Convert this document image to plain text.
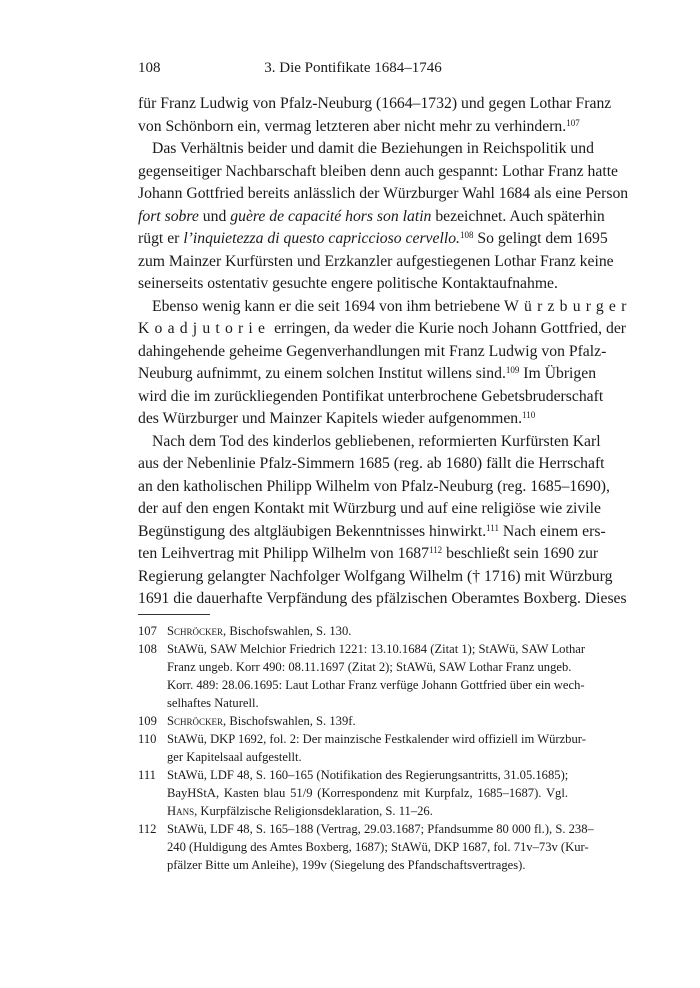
108	3. Die Pontifikate 1684–1746
für Franz Ludwig von Pfalz-Neuburg (1664–1732) und gegen Lothar Franz
von Schönborn ein, vermag letzteren aber nicht mehr zu verhindern.$^{107}$
Das Verhältnis beider und damit die Beziehungen in Reichspolitik und
gegenseitiger Nachbarschaft bleiben denn auch gespannt: Lothar Franz hatte
Johann Gottfried bereits anlässlich der Würzburger Wahl 1684 als eine Person
fort sobre und guère de capacité hors son latin bezeichnet. Auch späterhin
rügt er l’inquietezza di questo capriccioso cervello.$^{108}$ So gelingt dem 1695
zum Mainzer Kurfürsten und Erzkanzler aufgestiegenen Lothar Franz keine
seinerseits ostentativ gesuchte engere politische Kontaktaufnahme.
Ebenso wenig kann er die seit 1694 von ihm betriebene Würzburger
Koadjutorie erringen, da weder die Kurie noch Johann Gottfried, der
dahingehende geheime Gegenverhandlungen mit Franz Ludwig von Pfalz-
Neuburg aufnimmt, zu einem solchen Institut willens sind.$^{109}$ Im Übrigen
wird die im zurückliegenden Pontifikat unterbrochene Gebetsbruderschaft
des Würzburger und Mainzer Kapitels wieder aufgenommen.$^{110}$
Nach dem Tod des kinderlos gebliebenen, reformierten Kurfürsten Karl
aus der Nebenlinie Pfalz-Simmern 1685 (reg. ab 1680) fällt die Herrschaft
an den katholischen Philipp Wilhelm von Pfalz-Neuburg (reg. 1685–1690),
der auf den engen Kontakt mit Würzburg und auf eine religiöse wie zivile
Begünstigung des altgläubigen Bekenntnisses hinwirkt.$^{111}$ Nach einem ers-
ten Leihvertrag mit Philipp Wilhelm von 1687$^{112}$ beschließt sein 1690 zur
Regierung gelangter Nachfolger Wolfgang Wilhelm († 1716) mit Würzburg
1691 die dauerhafte Verpfändung des pfälzischen Oberamtes Boxberg. Dieses
107 Schröcker, Bischofswahlen, S. 130.
108 StAWü, SAW Melchior Friedrich 1221: 13.10.1684 (Zitat 1); StAWü, SAW Lothar
Franz ungeb. Korr 490: 08.11.1697 (Zitat 2); StAWü, SAW Lothar Franz ungeb.
Korr. 489: 28.06.1695: Laut Lothar Franz verfüge Johann Gottfried über ein wech-
selhaftes Naturell.
109 Schröcker, Bischofswahlen, S. 139f.
110 StAWü, DKP 1692, fol. 2: Der mainzische Festkalender wird offiziell im Würzbur-
ger Kapitelsaal aufgestellt.
111 StAWü, LDF 48, S. 160–165 (Notifikation des Regierungsantritts, 31.05.1685);
BayHStA, Kasten blau 51/9 (Korrespondenz mit Kurpfalz, 1685–1687). Vgl.
Hans, Kurpfälzische Religionsdeklaration, S. 11–26.
112 StAWü, LDF 48, S. 165–188 (Vertrag, 29.03.1687; Pfandsumme 80 000 fl.), S. 238–
240 (Huldigung des Amtes Boxberg, 1687); StAWü, DKP 1687, fol. 71v–73v (Kur-
pfälzer Bitte um Anleihe), 199v (Siegelung des Pfandschaftsvertrages).
